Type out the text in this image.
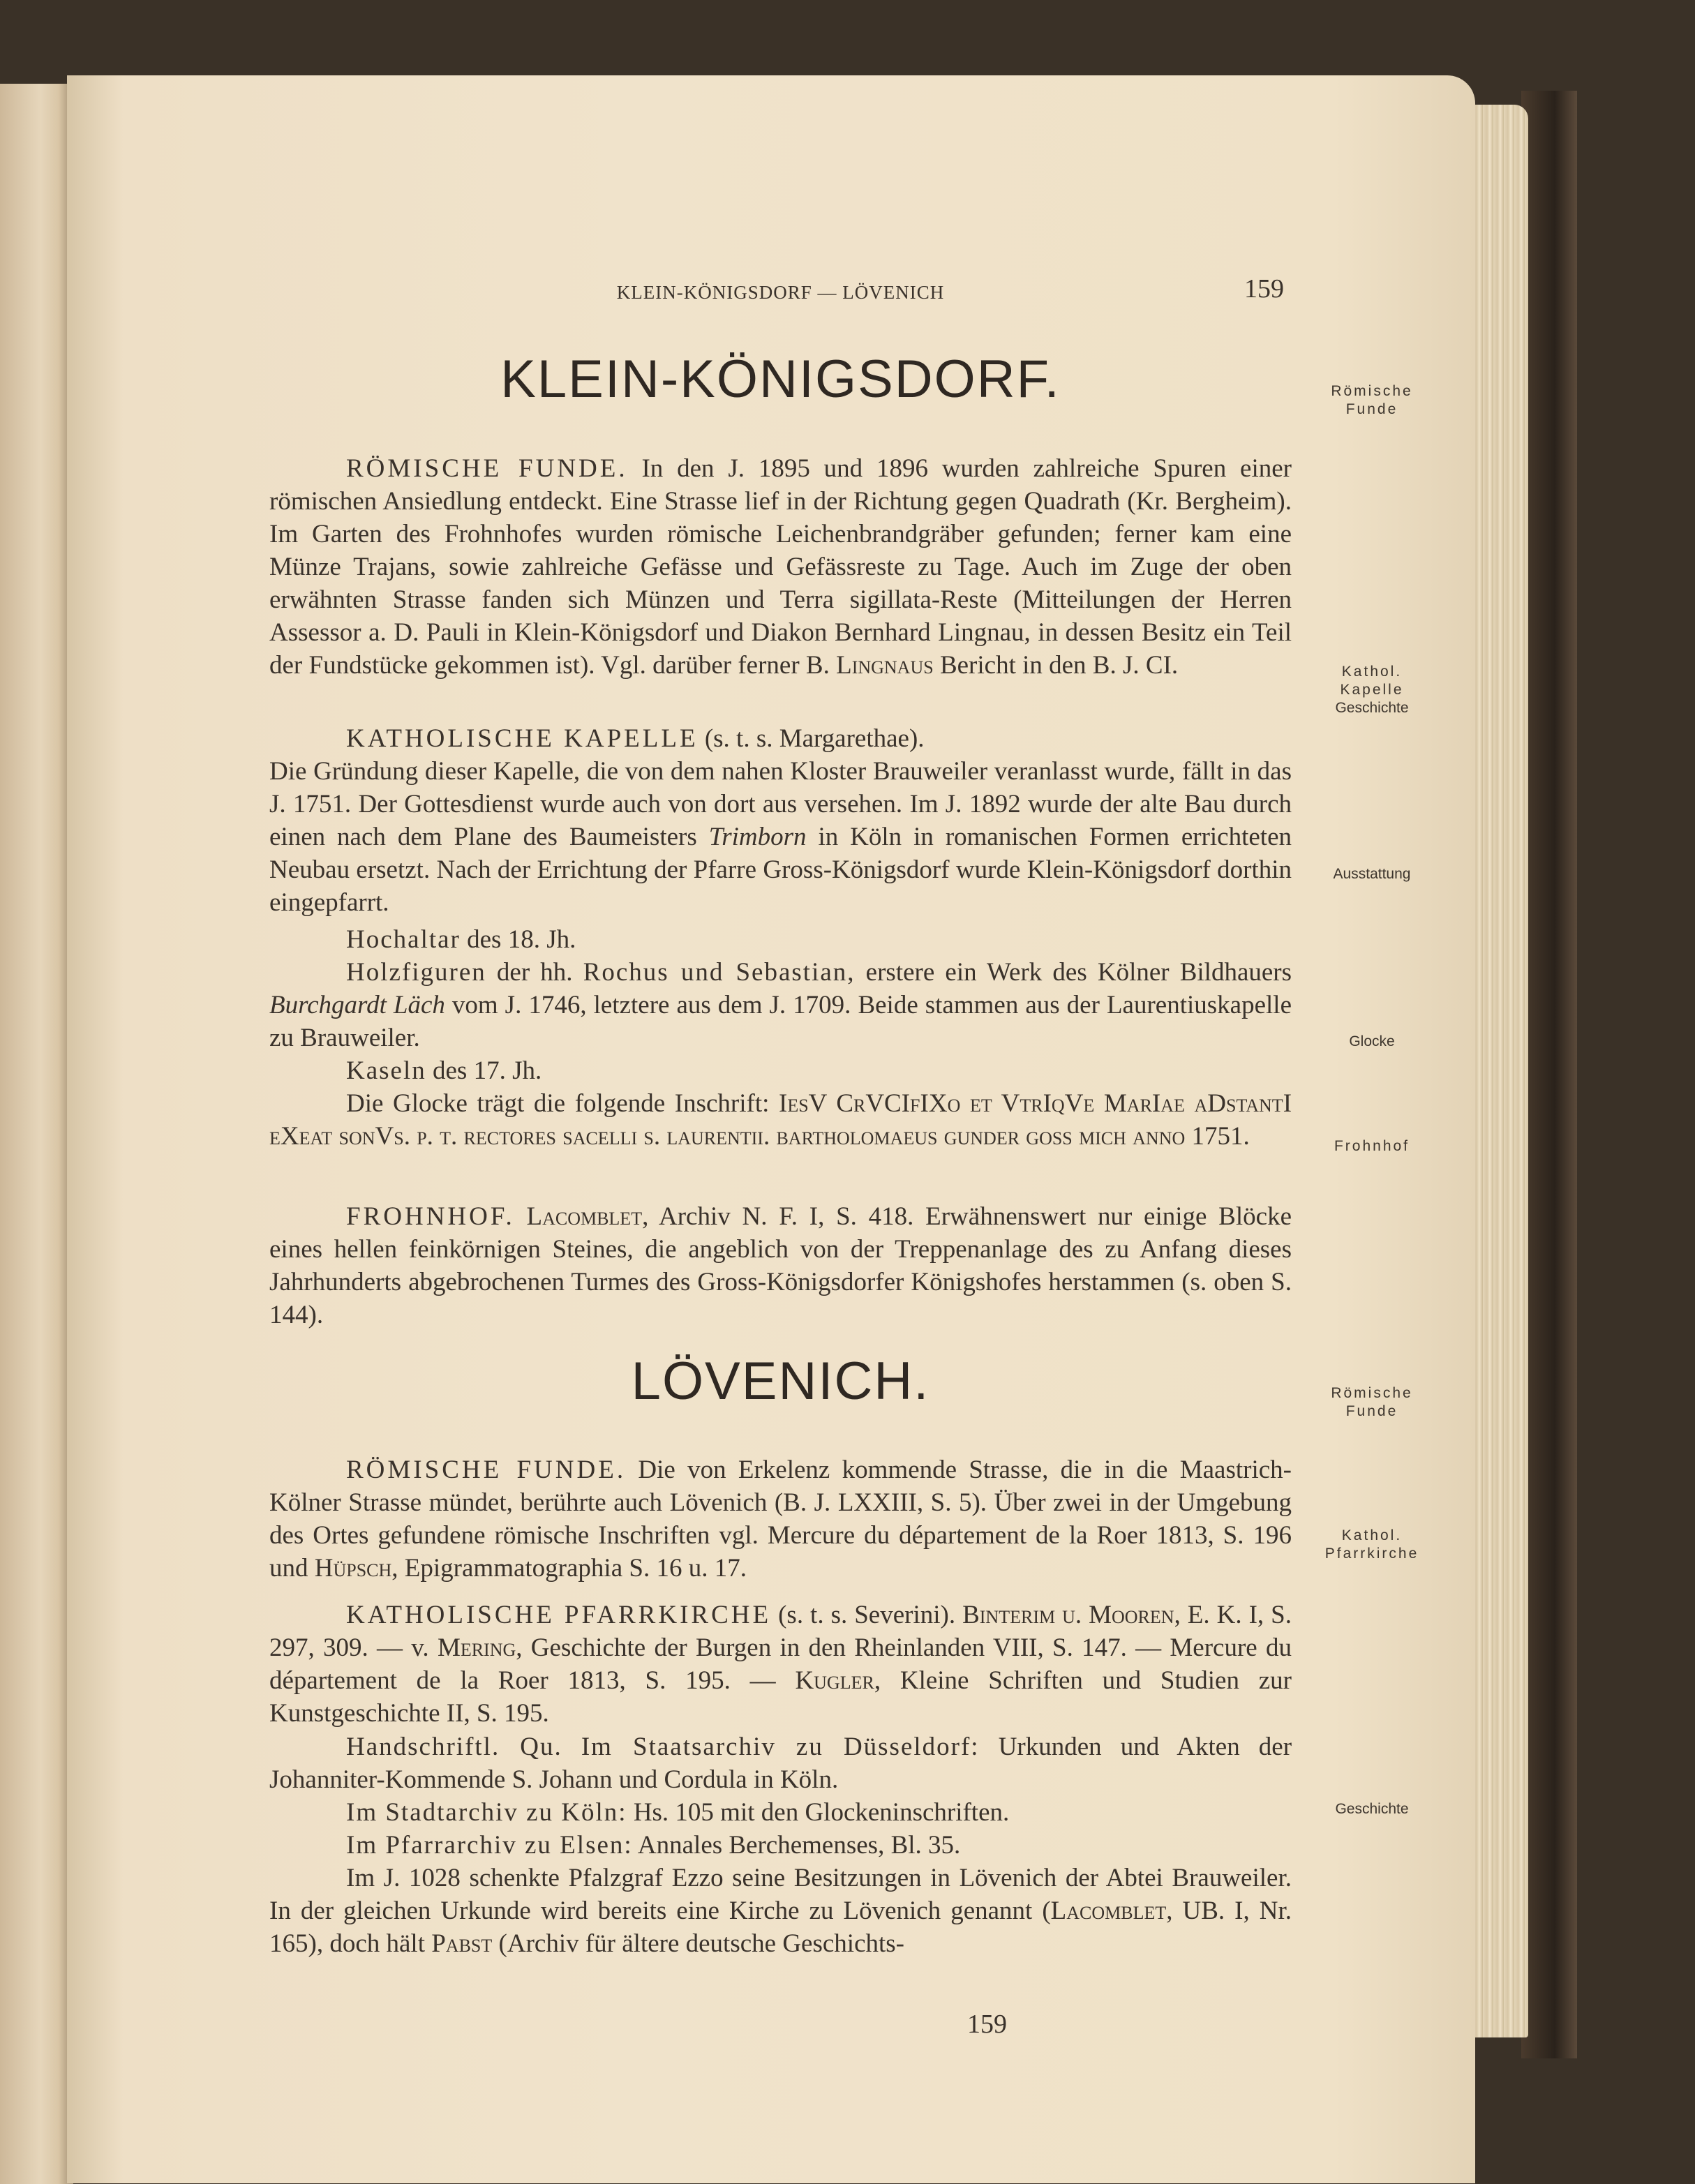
KLEIN-KÖNIGSDORF — LÖVENICH	159
KLEIN-KÖNIGSDORF.

RÖMISCHE FUNDE. In den J. 1895 und 1896 wurden zahlreiche Spuren einer römischen Ansiedlung entdeckt. Eine Strasse lief in der Richtung gegen Quadrath (Kr. Bergheim). Im Garten des Frohnhofes wurden römische Leichenbrandgräber gefunden; ferner kam eine Münze Trajans, sowie zahlreiche Gefässe und Gefässreste zu Tage. Auch im Zuge der oben erwähnten Strasse fanden sich Münzen und Terra sigillata-Reste (Mitteilungen der Herren Assessor a. D. Pauli in Klein-Königsdorf und Diakon Bernhard Lingnau, in dessen Besitz ein Teil der Fundstücke gekommen ist). Vgl. darüber ferner B. Lingnaus Bericht in den B. J. CI.

KATHOLISCHE KAPELLE (s. t. s. Margarethae).
Die Gründung dieser Kapelle, die von dem nahen Kloster Brauweiler veranlasst wurde, fällt in das J. 1751. Der Gottesdienst wurde auch von dort aus versehen. Im J. 1892 wurde der alte Bau durch einen nach dem Plane des Baumeisters Trimborn in Köln in romanischen Formen errichteten Neubau ersetzt. Nach der Errichtung der Pfarre Gross-Königsdorf wurde Klein-Königsdorf dorthin eingepfarrt.

Hochaltar des 18. Jh.

Holzfiguren der hh. Rochus und Sebastian, erstere ein Werk des Kölner Bildhauers Burchgardt Läch vom J. 1746, letztere aus dem J. 1709. Beide stammen aus der Laurentiuskapelle zu Brauweiler.

Kaseln des 17. Jh.

Die Glocke trägt die folgende Inschrift: IesV CrVCIfIXo et VtrIqVe MarIae aDstantI eXeat sonVs. p. t. rectores sacelli s. laurentii. bartholomaeus gunder goss mich anno 1751.

FROHNHOF. Lacomblet, Archiv N. F. I, S. 418. Erwähnenswert nur einige Blöcke eines hellen feinkörnigen Steines, die angeblich von der Treppenanlage des zu Anfang dieses Jahrhunderts abgebrochenen Turmes des Gross-Königsdorfer Königshofes herstammen (s. oben S. 144).

LÖVENICH.

RÖMISCHE FUNDE. Die von Erkelenz kommende Strasse, die in die Maastrich-Kölner Strasse mündet, berührte auch Lövenich (B. J. LXXIII, S. 5). Über zwei in der Umgebung des Ortes gefundene römische Inschriften vgl. Mercure du département de la Roer 1813, S. 196 und Hüpsch, Epigrammatographia S. 16 u. 17.

KATHOLISCHE PFARRKIRCHE (s. t. s. Severini). Binterim u. Mooren, E. K. I, S. 297, 309. — v. Mering, Geschichte der Burgen in den Rheinlanden VIII, S. 147. — Mercure du département de la Roer 1813, S. 195. — Kugler, Kleine Schriften und Studien zur Kunstgeschichte II, S. 195.

Handschriftl. Qu. Im Staatsarchiv zu Düsseldorf: Urkunden und Akten der Johanniter-Kommende S. Johann und Cordula in Köln.

Im Stadtarchiv zu Köln: Hs. 105 mit den Glockeninschriften.

Im Pfarrarchiv zu Elsen: Annales Berchemenses, Bl. 35.

Im J. 1028 schenkte Pfalzgraf Ezzo seine Besitzungen in Lövenich der Abtei Brauweiler. In der gleichen Urkunde wird bereits eine Kirche zu Lövenich genannt (Lacomblet, UB. I, Nr. 165), doch hält Pabst (Archiv für ältere deutsche Geschichts-

159
Römische
Funde
Kathol.
Kapelle
Geschichte
Ausstattung
Glocke
Frohnhof
Römische
Funde
Kathol.
Pfarrkirche
Geschichte
